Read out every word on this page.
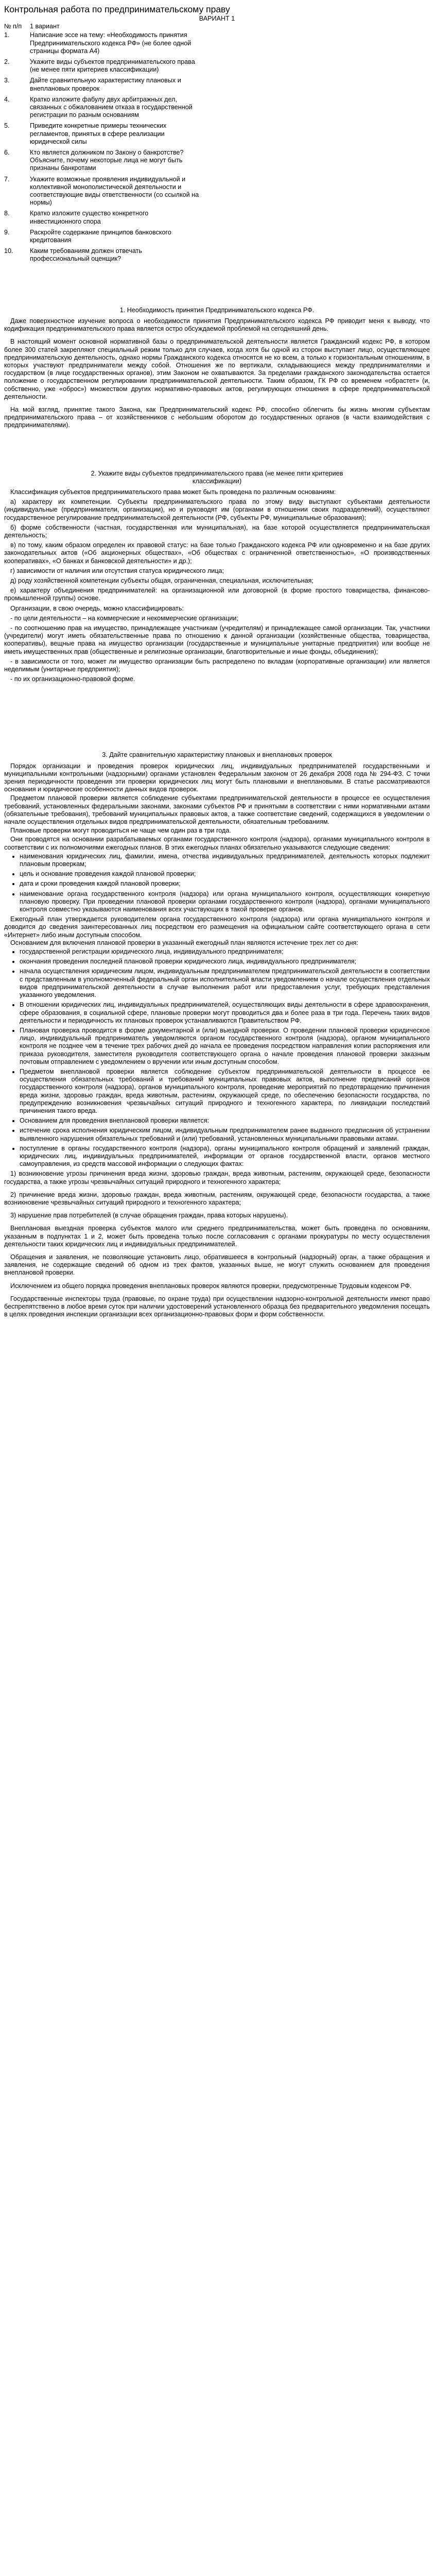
Контрольная работа по предпринимательскому праву
ВАРИАНТ 1
№ п/п	1 вариант	
1.	Написание эссе на тему: «Необходимость принятия Предпринимательского кодекса РФ» (не более одной страницы формата А4)	
2.	Укажите виды субъектов предпринимательского права (не менее пяти критериев классификации)	
3.	Дайте сравнительную характеристику плановых и внеплановых проверок	
4.	Кратко изложите фабулу двух арбитражных дел, связанных с обжалованием отказа в государственной регистрации по разным основаниям	
5.	Приведите конкретные примеры технических регламентов, принятых в сфере реализации юридической силы	
6.	Кто является должником по Закону о банкротстве? Объясните, почему некоторые лица не могут быть признаны банкротами	
7.	Укажите возможные проявления индивидуальной и коллективной монополистической деятельности и соответствующие виды ответственности (со ссылкой на нормы)	
8.	Кратко изложите существо конкретного инвестиционного спора	
9.	Раскройте содержание принципов банковского кредитования	
10.	Каким требованиям должен отвечать профессиональный оценщик?	
1. Необходимость принятия Предпринимательского кодекса РФ.

Даже поверхностное изучение вопроса о необходимости принятия Предпринимательского кодекса РФ приводит меня к выводу, что кодификация предпринимательского права является остро обсуждаемой проблемой на сегодняшний день.

В настоящий момент основной нормативной базы о предпринимательской деятельности является Гражданский кодекс РФ, в котором более 300 статей закрепляют специальный режим только для случаев, когда хотя бы одной из сторон выступает лицо, осуществляющее предпринимательскую деятельность, однако нормы Гражданского кодекса относятся не ко всем, а только к горизонтальным отношениям, в которых участвуют предприниматели между собой. Отношения же по вертикали, складывающиеся между предпринимателями и государством (в лице государственных органов), этим Законом не охватываются. За пределами гражданского законодательства остается положение о государственном регулировании предпринимательской деятельности. Таким образом, ГК РФ со временем «обрастет» (и, собственно, уже «оброс») множеством других нормативно-правовых актов, регулирующих отношения в сфере предпринимательской деятельности.

На мой взгляд, принятие такого Закона, как Предпринимательский кодекс РФ, способно облегчить бы жизнь многим субъектам предпринимательского права – от хозяйственников с небольшим оборотом до государственных органов (в части взаимодействия с предпринимателями).

2. Укажите виды субъектов предпринимательского права (не менее пяти критериев классификации)

Классификация субъектов предпринимательского права может быть проведена по различным основаниям:

а) характеру их компетенции. Субъекты предпринимательского права по этому виду выступают субъектами деятельности (индивидуальные (предприниматели, организации), но и руководят им (органами в отношении своих подразделений), осуществляют государственное регулирование предпринимательской деятельности (РФ, субъекты РФ, муниципальные образования);

б) форме собственности (частная, государственная или муниципальная), на базе которой осуществляется предпринимательская деятельность;

в) по тому, каким образом определен их правовой статус: на базе только Гражданского кодекса РФ или одновременно и на базе других законодательных актов («Об акционерных обществах», «Об обществах с ограниченной ответственностью», «О производственных кооперативах», «О банках и банковской деятельности» и др.);

г) зависимости от наличия или отсутствия статуса юридического лица;

д) роду хозяйственной компетенции субъекты общая, ограниченная, специальная, исключительная;

е) характеру объединения предпринимателей: на организационной или договорной (в форме простого товарищества, финансово-промышленной группы) основе.

Организации, в свою очередь, можно классифицировать:

- по цели деятельности – на коммерческие и некоммерческие организации;

- по соотношению прав на имущество, принадлежащее участникам (учредителям) и принадлежащее самой организации. Так, участники (учредители) могут иметь обязательственные права по отношению к данной организации (хозяйственные общества, товарищества, кооперативы), вещные права на имущество организации (государственные и муниципальные унитарные предприятия) или вообще не иметь имущественных прав (общественные и религиозные организации, благотворительные и иные фонды, объединения);

- в зависимости от того, может ли имущество организации быть распределено по вкладам (корпоративные организации) или является неделимым (унитарные предприятия);

- по их организационно-правовой форме.

3. Дайте сравнительную характеристику плановых и внеплановых проверок

Порядок организации и проведения проверок юридических лиц, индивидуальных предпринимателей государственными и муниципальными контрольными (надзорными) органами установлен Федеральным законом от 26 декабря 2008 года № 294-ФЗ. С точки зрения периодичности проведения эти проверки юридических лиц могут быть плановыми и внеплановыми. В статье рассматриваются основания и юридические особенности данных видов проверок.

Предметом плановой проверки является соблюдение субъектами предпринимательской деятельности в процессе ее осуществления требований, установленных федеральными законами, законами субъектов РФ и принятыми в соответствии с ними нормативными актами (обязательные требования), требований муниципальных правовых актов, а также соответствие сведений, содержащихся в уведомлении о начале осуществления отдельных видов предпринимательской деятельности, обязательным требованиям.

Плановые проверки могут проводиться не чаще чем один раз в три года.

Они проводятся на основании разрабатываемых органами государственного контроля (надзора), органами муниципального контроля в соответствии с их полномочиями ежегодных планов. В этих ежегодных планах обязательно указываются следующие сведения:

• наименования юридических лиц, фамилии, имена, отчества индивидуальных предпринимателей, деятельность которых подлежит плановым проверкам;
• цель и основание проведения каждой плановой проверки;
• дата и сроки проведения каждой плановой проверки;
• наименование органа государственного контроля (надзора) или органа муниципального контроля, осуществляющих конкретную плановую проверку. При проведении плановой проверки органами государственного контроля (надзора), органами муниципального контроля совместно указываются наименования всех участвующих в такой проверке органов.

Ежегодный план утверждается руководителем органа государственного контроля (надзора) или органа муниципального контроля и доводится до сведения заинтересованных лиц посредством его размещения на официальном сайте соответствующего органа в сети «Интернет» либо иным доступным способом.

Основанием для включения плановой проверки в указанный ежегодный план являются истечение трех лет со дня:

• государственной регистрации юридического лица, индивидуального предпринимателя;
• окончания проведения последней плановой проверки юридического лица, индивидуального предпринимателя;
• начала осуществления юридическим лицом, индивидуальным предпринимателем предпринимательской деятельности в соответствии с представленным в уполномоченный федеральный орган исполнительной власти уведомлением о начале осуществления отдельных видов предпринимательской деятельности в случае выполнения работ или предоставления услуг, требующих представления указанного уведомления.
• В отношении юридических лиц, индивидуальных предпринимателей, осуществляющих виды деятельности в сфере здравоохранения, сфере образования, в социальной сфере, плановые проверки могут проводиться два и более раза в три года. Перечень таких видов деятельности и периодичность их плановых проверок устанавливаются Правительством РФ.
• Плановая проверка проводится в форме документарной и (или) выездной проверки. О проведении плановой проверки юридическое лицо, индивидуальный предприниматель уведомляются органом государственного контроля (надзора), органом муниципального контроля не позднее чем в течение трех рабочих дней до начала ее проведения посредством направления копии распоряжения или приказа руководителя, заместителя руководителя соответствующего органа о начале проведения плановой проверки заказным почтовым отправлением с уведомлением о вручении или иным доступным способом.
• Предметом внеплановой проверки является соблюдение субъектом предпринимательской деятельности в процессе ее осуществления обязательных требований и требований муниципальных правовых актов, выполнение предписаний органов государственного контроля (надзора), органов муниципального контроля, проведение мероприятий по предотвращению причинения вреда жизни, здоровью граждан, вреда животным, растениям, окружающей среде, по обеспечению безопасности государства, по предупреждению возникновения чрезвычайных ситуаций природного и техногенного характера, по ликвидации последствий причинения такого вреда.
• Основанием для проведения внеплановой проверки является:
• истечение срока исполнения юридическим лицом, индивидуальным предпринимателем ранее выданного предписания об устранении выявленного нарушения обязательных требований и (или) требований, установленных муниципальными правовыми актами.
• поступление в органы государственного контроля (надзора), органы муниципального контроля обращений и заявлений граждан, юридических лиц, индивидуальных предпринимателей, информации от органов государственной власти, органов местного самоуправления, из средств массовой информации о следующих фактах:

1) возникновение угрозы причинения вреда жизни, здоровью граждан, вреда животным, растениям, окружающей среде, безопасности государства, а также угрозы чрезвычайных ситуаций природного и техногенного характера;

2) причинение вреда жизни, здоровью граждан, вреда животным, растениям, окружающей среде, безопасности государства, а также возникновение чрезвычайных ситуаций природного и техногенного характера;

3) нарушение прав потребителей (в случае обращения граждан, права которых нарушены).

Внеплановая выездная проверка субъектов малого или среднего предпринимательства, может быть проведена по основаниям, указанным в подпунктах 1 и 2, может быть проведена только после согласования с органами прокуратуры по месту осуществления деятельности таких юридических лиц и индивидуальных предпринимателей.

Обращения и заявления, не позволяющие установить лицо, обратившееся в контрольный (надзорный) орган, а также обращения и заявления, не содержащие сведений об одном из трех фактов, указанных выше, не могут служить основанием для проведения внеплановой проверки.

Исключением из общего порядка проведения внеплановых проверок являются проверки, предусмотренные Трудовым кодексом РФ.

Государственные инспекторы труда (правовые, по охране труда) при осуществлении надзорно-контрольной деятельности имеют право беспрепятственно в любое время суток при наличии удостоверений установленного образца без предварительного уведомления посещать в целях проведения инспекции организации всех организационно-правовых форм и форм собственности.
